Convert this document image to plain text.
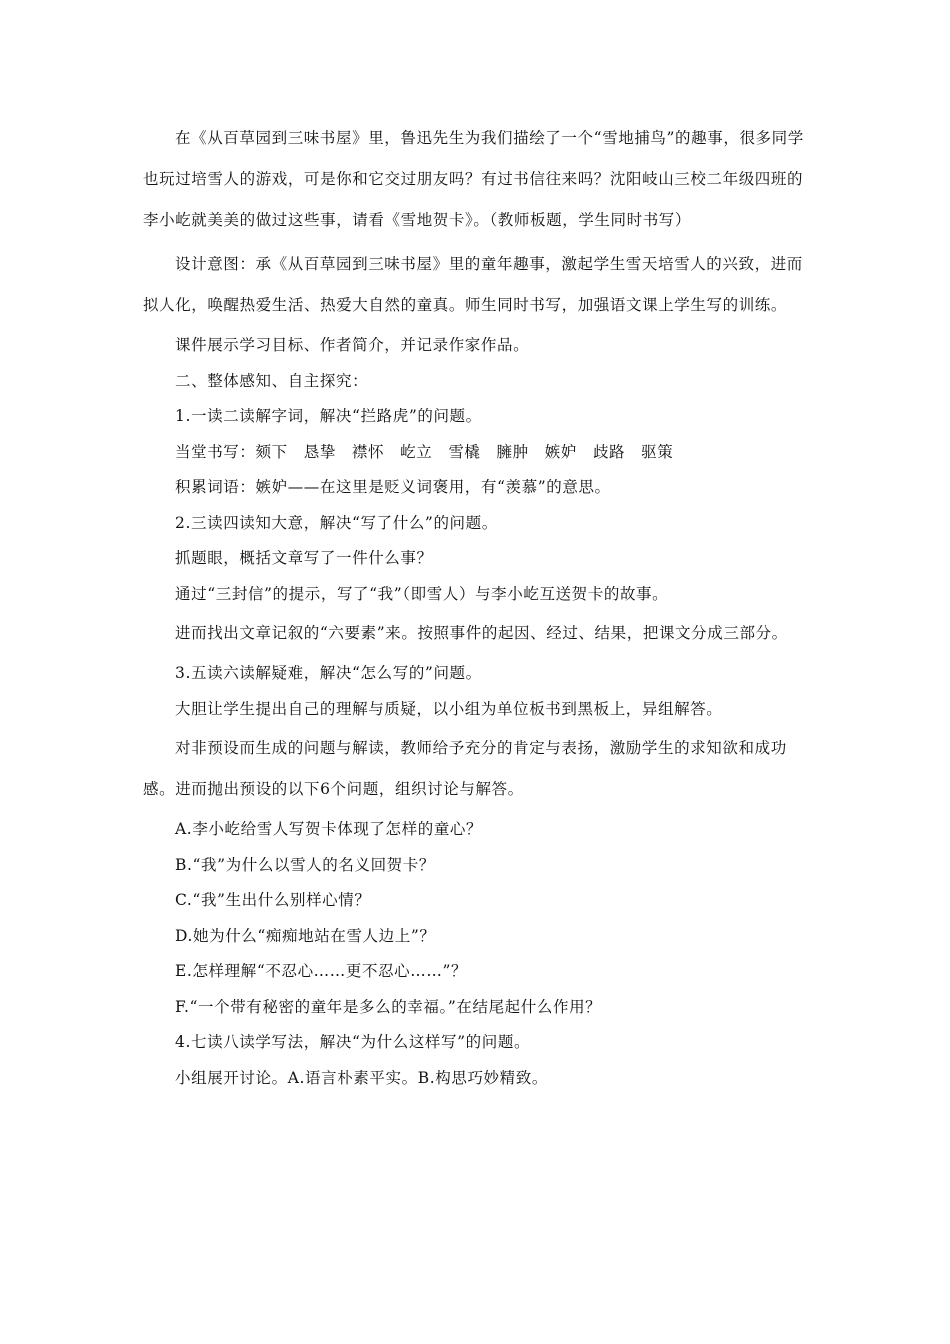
在《从百草园到三味书屋》里，鲁迅先生为我们描绘了一个“雪地捕鸟”的趣事，很多同学也玩过培雪人的游戏，可是你和它交过朋友吗？有过书信往来吗？沈阳岐山三校二年级四班的李小屹就美美的做过这些事，请看《雪地贺卡》。（教师板题，学生同时书写）

设计意图：承《从百草园到三味书屋》里的童年趣事，激起学生雪天培雪人的兴致，进而拟人化，唤醒热爱生活、热爱大自然的童真。师生同时书写，加强语文课上学生写的训练。

课件展示学习目标、作者简介，并记录作家作品。

二、整体感知、自主探究：

1.一读二读解字词，解决“拦路虎”的问题。

当堂书写：颏下 恳挚 襟怀 屹立 雪橇 臃肿 嫉妒 歧路 驱策

积累词语：嫉妒——在这里是贬义词褒用，有“羡慕”的意思。

2.三读四读知大意，解决“写了什么”的问题。

抓题眼，概括文章写了一件什么事？

通过“三封信”的提示，写了“我”（即雪人）与李小屹互送贺卡的故事。

进而找出文章记叙的“六要素”来。按照事件的起因、经过、结果，把课文分成三部分。

3.五读六读解疑难，解决“怎么写的”问题。

大胆让学生提出自己的理解与质疑，以小组为单位板书到黑板上，异组解答。

对非预设而生成的问题与解读，教师给予充分的肯定与表扬，激励学生的求知欲和成功感。进而抛出预设的以下6个问题，组织讨论与解答。

A.李小屹给雪人写贺卡体现了怎样的童心？

B.“我”为什么以雪人的名义回贺卡？

C.“我”生出什么别样心情？

D.她为什么“痴痴地站在雪人边上”？

E.怎样理解“不忍心……更不忍心……”？

F.“一个带有秘密的童年是多么的幸福。”在结尾起什么作用？

4.七读八读学写法，解决“为什么这样写”的问题。

小组展开讨论。A.语言朴素平实。B.构思巧妙精致。
